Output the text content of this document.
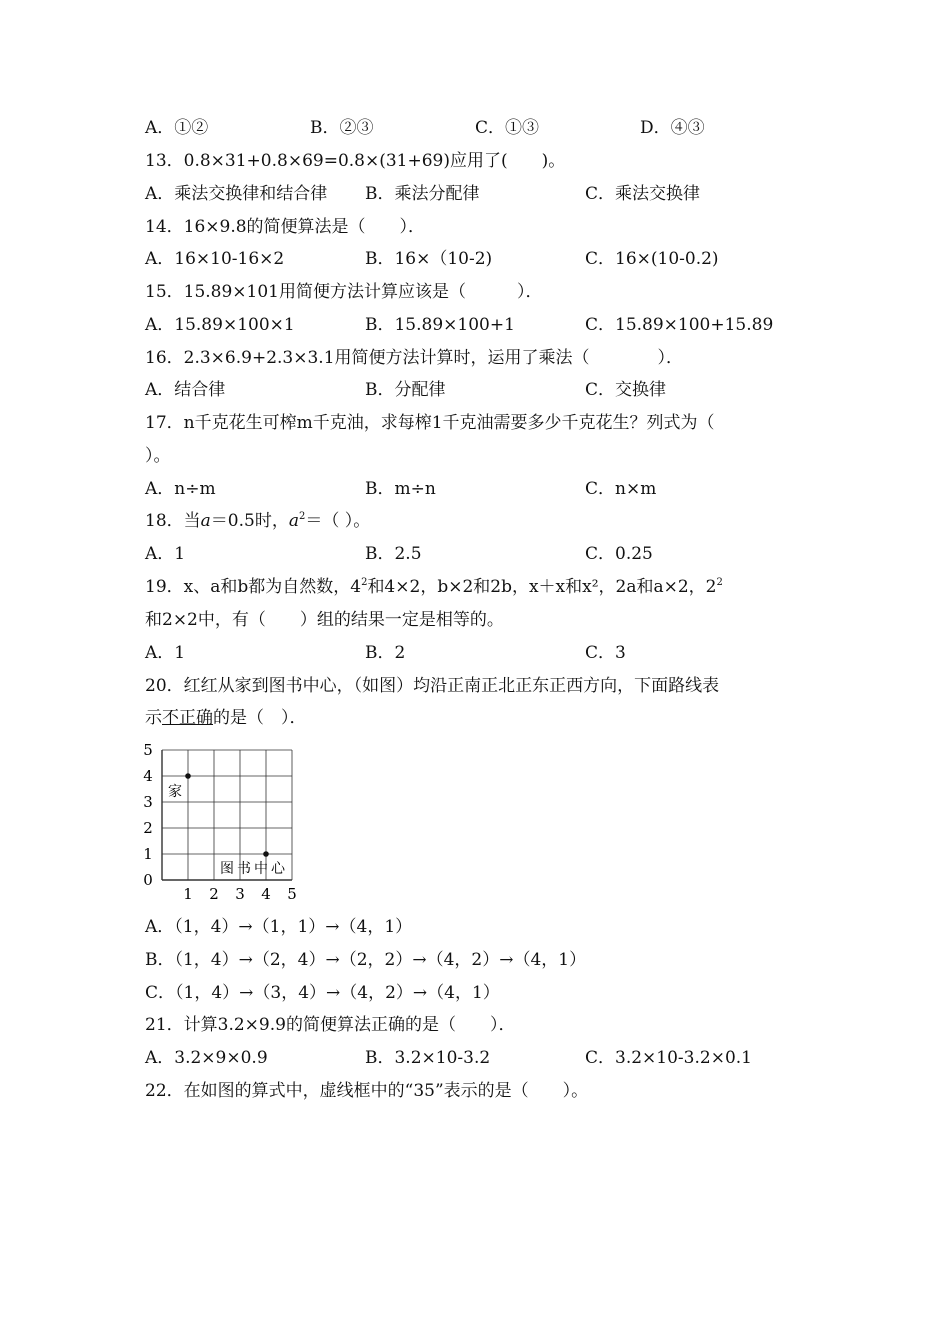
A．①②	B．②③	C．①③	D．④③
13．0.8×31+0.8×69=0.8×(31+69)应用了(　　)。
A．乘法交换律和结合律 B．乘法分配律	C．乘法交换律
14．16×9.8的简便算法是（　　）．
A．16×10-16×2	B．16×（10-2)	C．16×(10-0.2)
15．15.89×101用简便方法计算应该是（　　　）．
A．15.89×100×1	B．15.89×100+1	C．15.89×100+15.89
16．2.3×6.9+2.3×3.1用简便方法计算时，运用了乘法（　　　　）．
A．结合律	B．分配律	C．交换律
17．n千克花生可榨m千克油，求每榨1千克油需要多少千克花生？列式为（
）。
A．n÷m	B．m÷n	C．n×m
18．当a＝0.5时，$a^2=$（ ）。
A．1	B．2.5	C．0.25
19．x、a和b都为自然数，$4^2$和4×2，b×2和2b，x＋x和x²，2a和a×2，$2^2$
和2×2中，有（　　）组的结果一定是相等的。
A．1	B．2	C．3
20．红红从家到图书中心，（如图）均沿正南正北正东正西方向，下面路线表
示不正确的是（　）．
5
4
3
2
1
0
1 2 3 4 5
家
图书中心
A．（1，4）→（1，1）→（4，1）
B．（1，4）→（2，4）→（2，2）→（4，2）→（4，1）
C．（1，4）→（3，4）→（4，2）→（4，1）
21．计算3.2×9.9的简便算法正确的是（　　）．
A．3.2×9×0.9	B．3.2×10-3.2	C．3.2×10-3.2×0.1
22．在如图的算式中，虚线框中的“35”表示的是（　　）。
